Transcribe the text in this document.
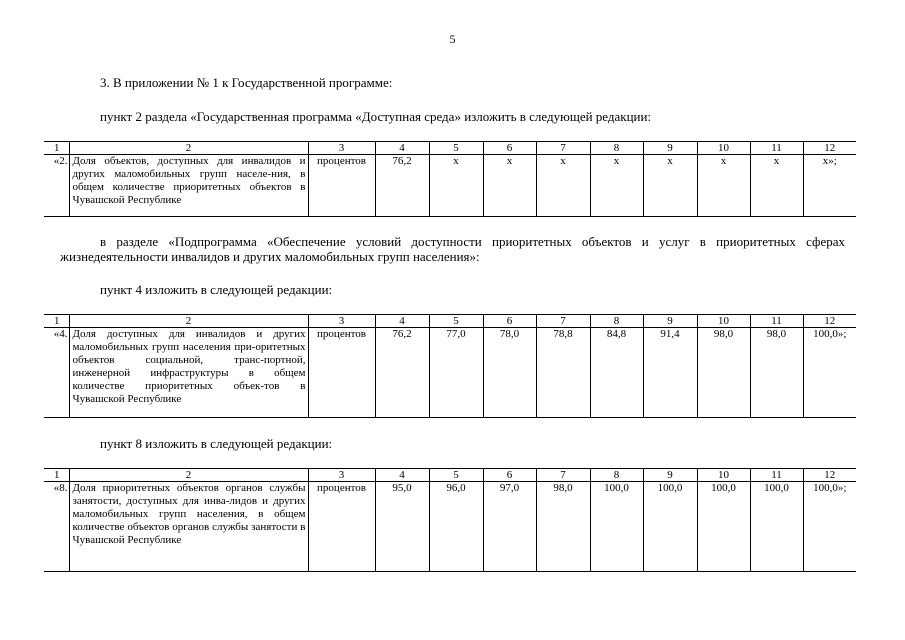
5
3. В приложении № 1 к Государственной программе:
пункт 2 раздела «Государственная программа «Доступная среда» изложить в следующей редакции:
1	2	3	4	5	6	7	8	9	10	11	12
«2.	Доля объектов, доступных для инвалидов и других маломобильных групп населе-ния, в общем количестве приоритетных объектов в Чувашской Республике	процентов	76,2	х	х	х	х	х	х	х	х»;
в разделе «Подпрограмма «Обеспечение условий доступности приоритетных объектов и услуг в приоритетных сферах жизнедеятельности инвалидов и других маломобильных групп населения»:
пункт 4 изложить в следующей редакции:
1	2	3	4	5	6	7	8	9	10	11	12
«4.	Доля доступных для инвалидов и других маломобильных групп населения при-оритетных объектов социальной, транс-портной, инженерной инфраструктуры в общем количестве приоритетных объек-тов в Чувашской Республике	процентов	76,2	77,0	78,0	78,8	84,8	91,4	98,0	98,0	100,0»;
пункт 8 изложить в следующей редакции:
1	2	3	4	5	6	7	8	9	10	11	12
«8.	Доля приоритетных объектов органов службы занятости, доступных для инва-лидов и других маломобильных групп населения, в общем количестве объектов органов службы занятости в Чувашской Республике	процентов	95,0	96,0	97,0	98,0	100,0	100,0	100,0	100,0	100,0»;
